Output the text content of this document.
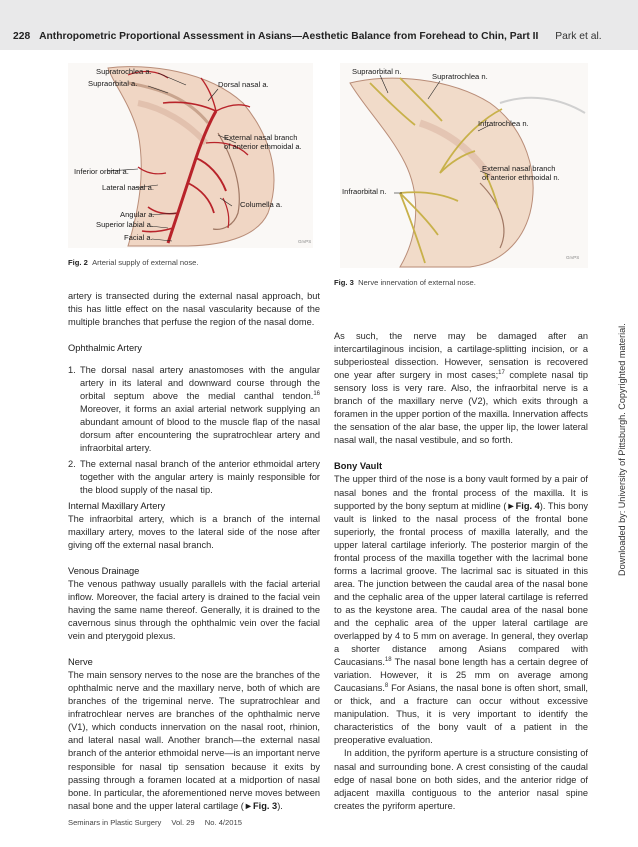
228 Anthropometric Proportional Assessment in Asians—Aesthetic Balance from Forehead to Chin, Part II Park et al.
GrvPS
Supratrochlea a.
Supraorbital a.	Dorsal nasal a.
External nasal branch
of anterior ethmoidal a.
Inferior orbital a.
Lateral nasal a.
Columella a.
Angular a.
Superior labial a.
Facial a.
Fig. 2 Arterial supply of external nose.
GrvPS
Supraorbital n.
Supratrochlea n.
Infratrochlea n.
External nasal branch
of anterior ethmoidal n.
Infraorbital n.
Fig. 3 Nerve innervation of external nose.

artery is transected during the external nasal approach, but this has little effect on the nasal vascularity because of the multiple branches that perfuse the region of the nasal dome.

Ophthalmic Artery
1. The dorsal nasal artery anastomoses with the angular artery in its lateral and downward course through the orbital septum above the medial canthal tendon.$^{16}$ Moreover, it forms an axial arterial network supplying an abundant amount of blood to the muscle flap of the nasal dorsum after encountering the supratrochlear artery and infraorbital artery.
2. The external nasal branch of the anterior ethmoidal artery together with the angular artery is mainly responsible for the blood supply of the nasal tip.
Internal Maxillary Artery

The infraorbital artery, which is a branch of the internal maxillary artery, moves to the lateral side of the nose after giving off the external nasal branch.

Venous Drainage

The venous pathway usually parallels with the facial arterial inflow. Moreover, the facial artery is drained to the facial vein having the same name thereof. Generally, it is drained to the cavernous sinus through the ophthalmic vein over the facial vein and pterygoid plexus.

Nerve

The main sensory nerves to the nose are the branches of the ophthalmic nerve and the maxillary nerve, both of which are branches of the trigeminal nerve. The supratrochlear and infratrochlear nerves are branches of the ophthalmic nerve (V1), which conducts innervation on the nasal root, rhinion, and lateral nasal wall. Another branch—the external nasal branch of the anterior ethmoidal nerve—is an important nerve responsible for nasal tip sensation because it exits by passing through a foramen located at a midportion of nasal bone. In particular, the aforementioned nerve moves between nasal bone and the upper lateral cartilage (►Fig. 3).

As such, the nerve may be damaged after an intercartilaginous incision, a cartilage-splitting incision, or a subperiosteal dissection. However, sensation is recovered one year after surgery in most cases;$^{17}$ complete nasal tip sensory loss is very rare. Also, the infraorbital nerve is a branch of the maxillary nerve (V2), which exits through a foramen in the upper portion of the maxilla. Innervation affects the sensation of the alar base, the upper lip, the lower lateral nasal wall, the nasal vestibule, and so forth.

Bony Vault

The upper third of the nose is a bony vault formed by a pair of nasal bones and the frontal process of the maxilla. It is supported by the bony septum at midline (►Fig. 4). This bony vault is linked to the nasal process of the frontal bone superiorly, the frontal process of maxilla laterally, and the upper lateral cartilage inferiorly. The posterior margin of the frontal process of the maxilla together with the lacrimal bone forms a lacrimal groove. The lacrimal sac is situated in this area. The junction between the caudal area of the nasal bone and the cephalic area of the upper lateral cartilage is referred to as the keystone area. The caudal area of the nasal bone and the cephalic area of the upper lateral cartilage are overlapped by 4 to 5 mm on average. In general, they overlap a shorter distance among Asians compared with Caucasians.$^{18}$ The nasal bone length has a certain degree of variation. However, it is 25 mm on average among Caucasians.$^8$ For Asians, the nasal bone is often short, small, or thick, and a fracture can occur without excessive manipulation. Thus, it is very important to identify the characteristics of the bony vault of a patient in the preoperative evaluation.

In addition, the pyriform aperture is a structure consisting of nasal and surrounding bone. A crest consisting of the caudal edge of nasal bone on both sides, and the anterior ridge of adjacent maxilla contiguous to the anterior nasal spine creates the pyriform aperture.

Downloaded by: University of Pittsburgh. Copyrighted material.
Seminars in Plastic Surgery Vol. 29 No. 4/2015
